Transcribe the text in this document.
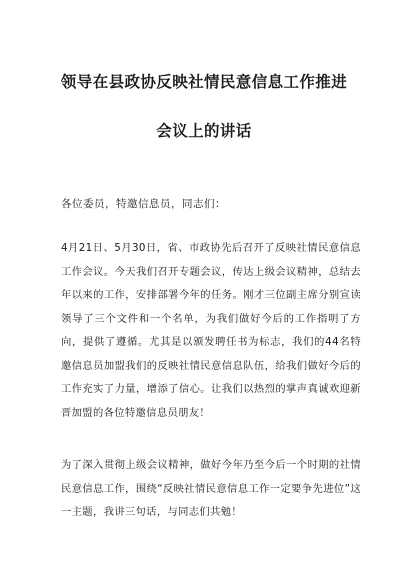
领导在县政协反映社情民意信息工作推进
会议上的讲话
各位委员，特邀信息员，同志们：
4月21日、5月30日，省、市政协先后召开了反映社情民意信息工作会议。今天我们召开专题会议，传达上级会议精神，总结去年以来的工作，安排部署今年的任务。刚才三位副主席分别宣读领导了三个文件和一个名单，为我们做好今后的工作指明了方向，提供了遵循。尤其是以颁发聘任书为标志，我们的44名特邀信息员加盟我们的反映社情民意信息队伍，给我们做好今后的工作充实了力量，增添了信心。让我们以热烈的掌声真诚欢迎新晋加盟的各位特邀信息员朋友！
为了深入贯彻上级会议精神，做好今年乃至今后一个时期的社情民意信息工作，围绕“反映社情民意信息工作一定要争先进位”这一主题，我讲三句话，与同志们共勉！
